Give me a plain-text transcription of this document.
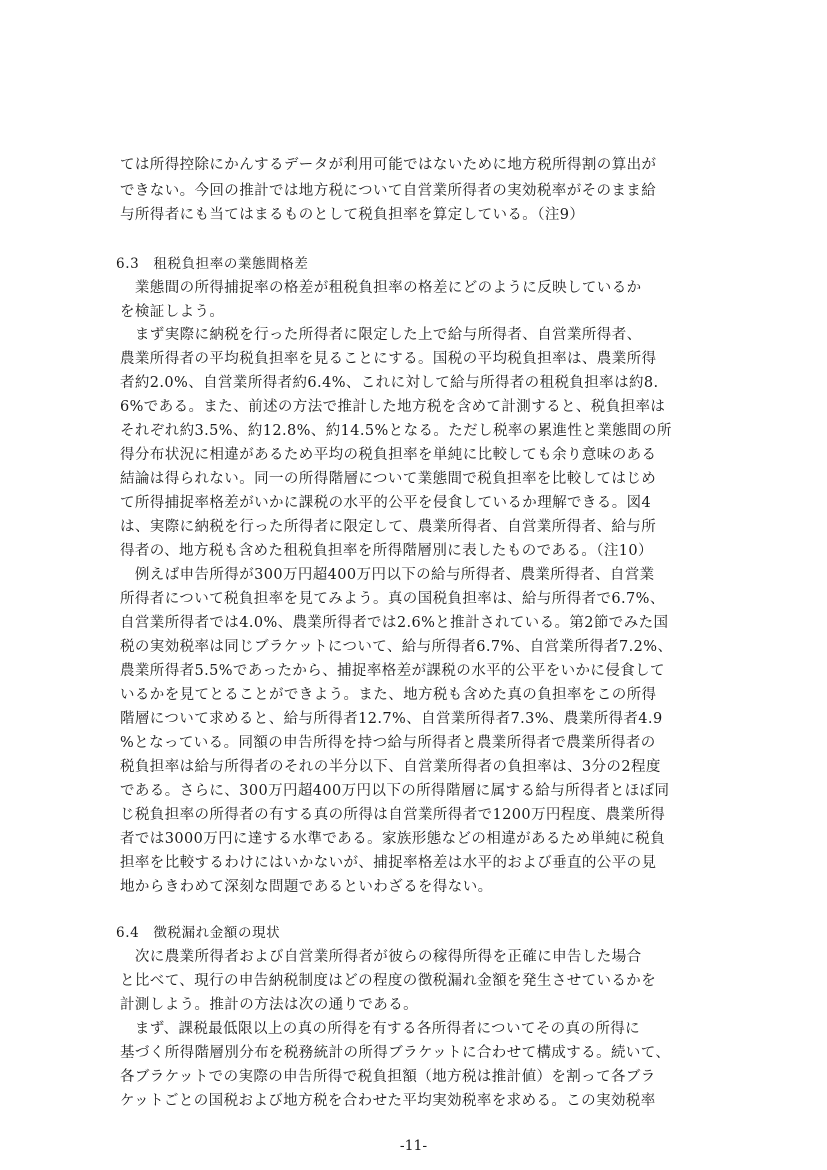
ては所得控除にかんするデータが利用可能ではないために地方税所得割の算出が
できない。今回の推計では地方税について自営業所得者の実効税率がそのまま給
与所得者にも当てはまるものとして税負担率を算定している。（注9）
6.3　租税負担率の業態間格差
　業態間の所得捕捉率の格差が租税負担率の格差にどのように反映しているか
を検証しよう。
　まず実際に納税を行った所得者に限定した上で給与所得者、自営業所得者、
農業所得者の平均税負担率を見ることにする。国税の平均税負担率は、農業所得
者約2.0%、自営業所得者約6.4%、これに対して給与所得者の租税負担率は約8.
6%である。また、前述の方法で推計した地方税を含めて計測すると、税負担率は
それぞれ約3.5%、約12.8%、約14.5%となる。ただし税率の累進性と業態間の所
得分布状況に相違があるため平均の税負担率を単純に比較しても余り意味のある
結論は得られない。同一の所得階層について業態間で税負担率を比較してはじめ
て所得捕捉率格差がいかに課税の水平的公平を侵食しているか理解できる。図4
は、実際に納税を行った所得者に限定して、農業所得者、自営業所得者、給与所
得者の、地方税も含めた租税負担率を所得階層別に表したものである。（注10）
　例えば申告所得が300万円超400万円以下の給与所得者、農業所得者、自営業
所得者について税負担率を見てみよう。真の国税負担率は、給与所得者で6.7%、
自営業所得者では4.0%、農業所得者では2.6%と推計されている。第2節でみた国
税の実効税率は同じブラケットについて、給与所得者6.7%、自営業所得者7.2%、
農業所得者5.5%であったから、捕捉率格差が課税の水平的公平をいかに侵食して
いるかを見てとることができよう。また、地方税も含めた真の負担率をこの所得
階層について求めると、給与所得者12.7%、自営業所得者7.3%、農業所得者4.9
%となっている。同額の申告所得を持つ給与所得者と農業所得者で農業所得者の
税負担率は給与所得者のそれの半分以下、自営業所得者の負担率は、3分の2程度
である。さらに、300万円超400万円以下の所得階層に属する給与所得者とほぼ同
じ税負担率の所得者の有する真の所得は自営業所得者で1200万円程度、農業所得
者では3000万円に達する水準である。家族形態などの相違があるため単純に税負
担率を比較するわけにはいかないが、捕捉率格差は水平的および垂直的公平の見
地からきわめて深刻な問題であるといわざるを得ない。
6.4　徴税漏れ金額の現状
　次に農業所得者および自営業所得者が彼らの稼得所得を正確に申告した場合
と比べて、現行の申告納税制度はどの程度の徴税漏れ金額を発生させているかを
計測しよう。推計の方法は次の通りである。
　まず、課税最低限以上の真の所得を有する各所得者についてその真の所得に
基づく所得階層別分布を税務統計の所得ブラケットに合わせて構成する。続いて、
各ブラケットでの実際の申告所得で税負担額（地方税は推計値）を割って各ブラ
ケットごとの国税および地方税を合わせた平均実効税率を求める。この実効税率
-11-
